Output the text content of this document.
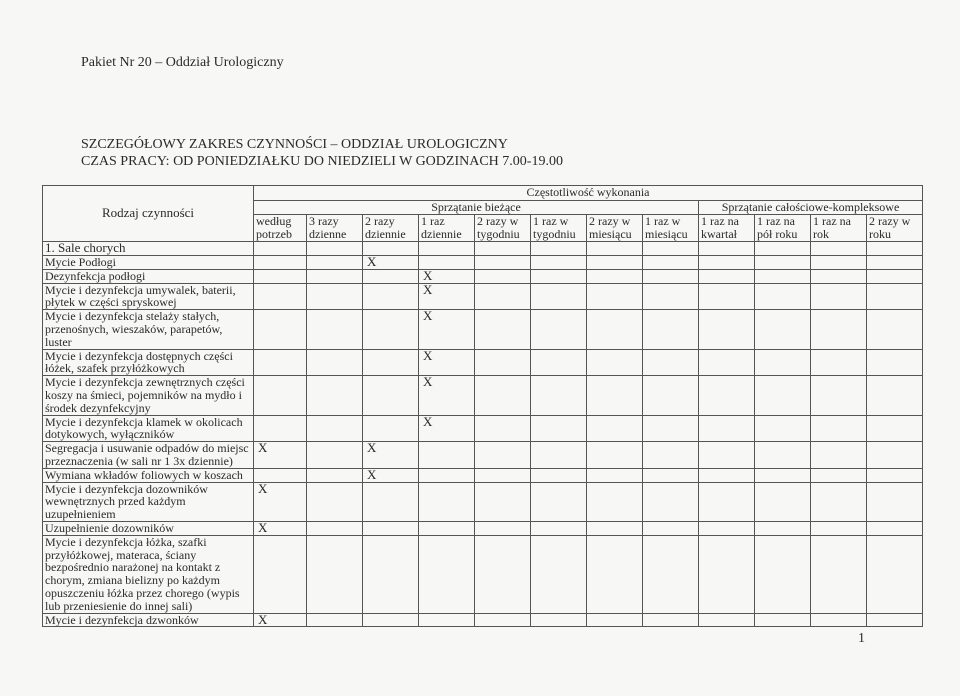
Pakiet Nr 20 – Oddział Urologiczny
SZCZEGÓŁOWY ZAKRES CZYNNOŚCI – ODDZIAŁ UROLOGICZNY
CZAS PRACY: OD PONIEDZIAŁKU DO NIEDZIELI W GODZINACH 7.00-19.00
Rodzaj czynności	Częstotliwość wykonania											
	Sprzątanie bieżące								Sprzątanie całościowe-kompleksowe			
	według potrzeb	3 razy dzienne	2 razy dziennie	1 raz dziennie	2 razy w tygodniu	1 raz w tygodniu	2 razy w miesiącu	1 raz w miesiącu	1 raz na kwartał	1 raz na pół roku	1 raz na rok	2 razy w roku
1. Sale chorych												
Mycie Podłogi			X									
Dezynfekcja podłogi				X								
Mycie i dezynfekcja umywalek, baterii, płytek w części spryskowej				X								
Mycie i dezynfekcja stelaży stałych, przenośnych, wieszaków, parapetów, luster				X								
Mycie i dezynfekcja dostępnych części łóżek, szafek przyłóżkowych				X								
Mycie i dezynfekcja zewnętrznych części koszy na śmieci, pojemników na mydło i środek dezynfekcyjny				X								
Mycie i dezynfekcja klamek w okolicach dotykowych, wyłączników				X								
Segregacja i usuwanie odpadów do miejsc przeznaczenia (w sali nr 1 3x dziennie)	X		X									
Wymiana wkładów foliowych w koszach			X									
Mycie i dezynfekcja dozowników wewnętrznych przed każdym uzupełnieniem	X											
Uzupełnienie dozowników	X											
Mycie i dezynfekcja łóżka, szafki przyłóżkowej, materaca, ściany bezpośrednio narażonej na kontakt z chorym, zmiana bielizny po każdym opuszczeniu łóżka przez chorego (wypis lub przeniesienie do innej sali)												
Mycie i dezynfekcja dzwonków	X											
1
